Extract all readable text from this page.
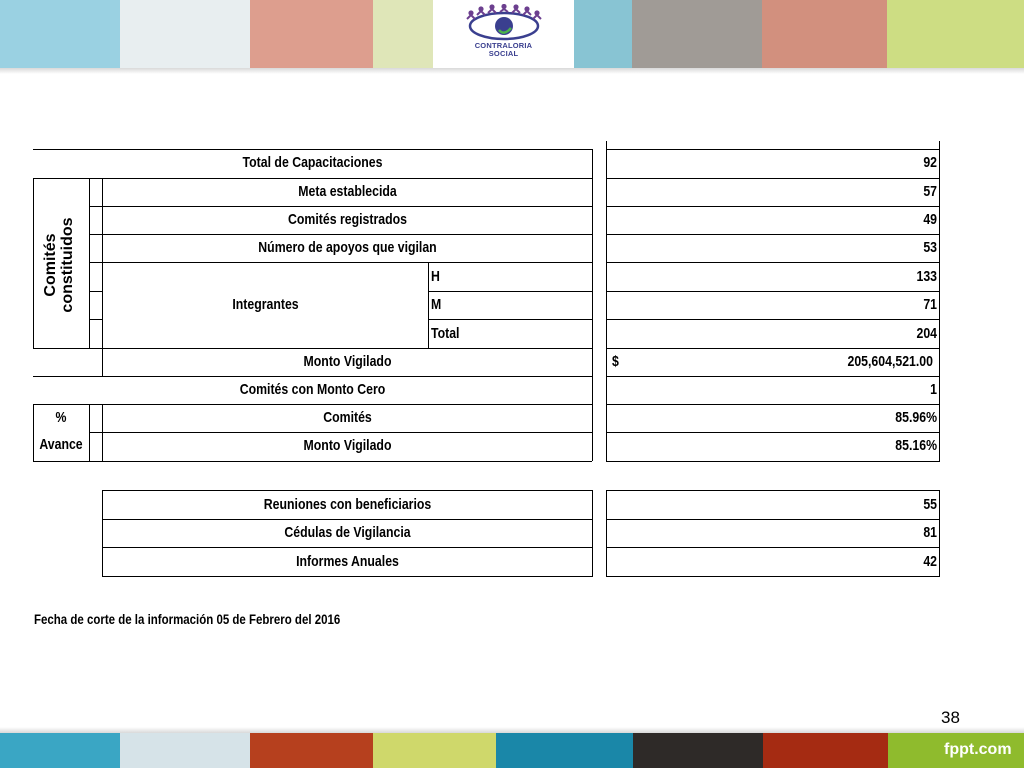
CONTRALORIA
SOCIAL
Comités constituidos
Total de Capacitaciones
Meta establecida
Comités registrados
Número de apoyos que vigilan
Integrantes
H
M
Total
Monto Vigilado
Comités con Monto Cero
%
Avance
Comités
Monto Vigilado
92
57
49
53
133
71
204
$	205,604,521.00
1
85.96%
85.16%
Reuniones con beneficiarios
Cédulas de Vigilancia
Informes Anuales
55
81
42
Fecha de corte de la información 05 de Febrero del 2016
38
fppt.com
